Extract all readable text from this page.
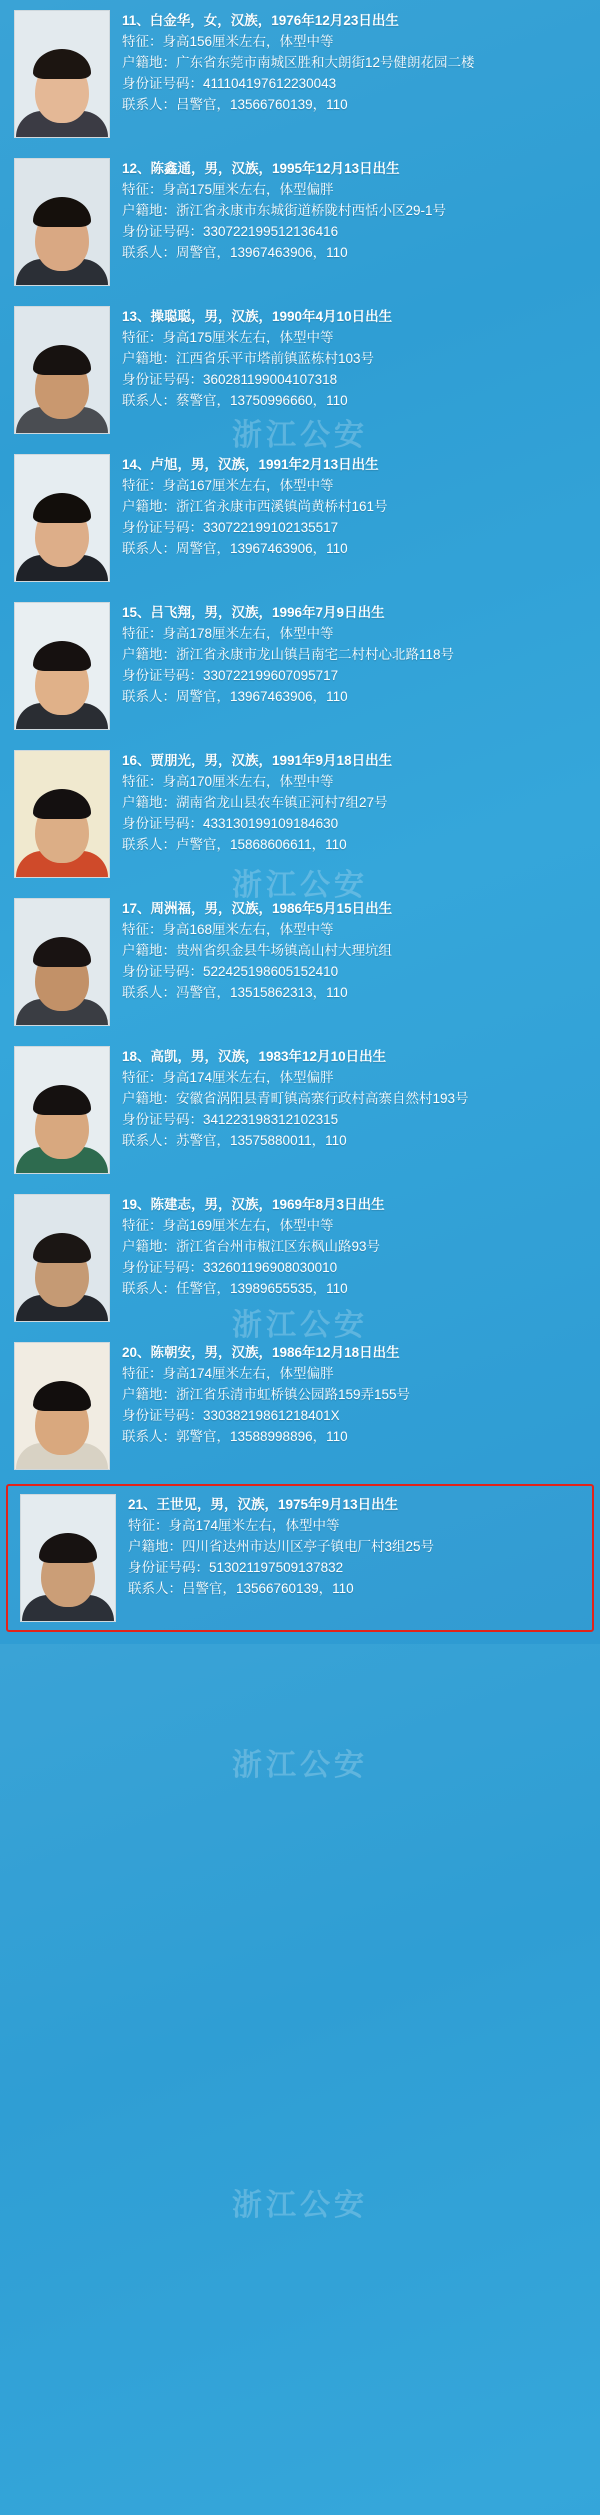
浙江公安
浙江公安
浙江公安
浙江公安
浙江公安
11、白金华，女，汉族，1976年12月23日出生
特征：身高156厘米左右，体型中等
户籍地：广东省东莞市南城区胜和大朗街12号健朗花园二楼
身份证号码：411104197612230043
联系人：吕警官，13566760139，110
12、陈鑫通，男，汉族，1995年12月13日出生
特征：身高175厘米左右，体型偏胖
户籍地：浙江省永康市东城街道桥陇村西恬小区29-1号
身份证号码：330722199512136416
联系人：周警官，13967463906，110
13、操聪聪，男，汉族，1990年4月10日出生
特征：身高175厘米左右，体型中等
户籍地：江西省乐平市塔前镇蓝栋村103号
身份证号码：360281199004107318
联系人：蔡警官，13750996660，110
14、卢旭，男，汉族，1991年2月13日出生
特征：身高167厘米左右，体型中等
户籍地：浙江省永康市西溪镇尚黄桥村161号
身份证号码：330722199102135517
联系人：周警官，13967463906，110
15、吕飞翔，男，汉族，1996年7月9日出生
特征：身高178厘米左右，体型中等
户籍地：浙江省永康市龙山镇吕南宅二村村心北路118号
身份证号码：330722199607095717
联系人：周警官，13967463906，110
16、贾朋光，男，汉族，1991年9月18日出生
特征：身高170厘米左右，体型中等
户籍地：湖南省龙山县农车镇正河村7组27号
身份证号码：433130199109184630
联系人：卢警官，15868606611，110
17、周洲福，男，汉族，1986年5月15日出生
特征：身高168厘米左右，体型中等
户籍地：贵州省织金县牛场镇高山村大理坑组
身份证号码：522425198605152410
联系人：冯警官，13515862313，110
18、高凯，男，汉族，1983年12月10日出生
特征：身高174厘米左右，体型偏胖
户籍地：安徽省涡阳县青町镇高寨行政村高寨自然村193号
身份证号码：341223198312102315
联系人：苏警官，13575880011，110
19、陈建志，男，汉族，1969年8月3日出生
特征：身高169厘米左右，体型中等
户籍地：浙江省台州市椒江区东枫山路93号
身份证号码：332601196908030010
联系人：任警官，13989655535，110
20、陈朝安，男，汉族，1986年12月18日出生
特征：身高174厘米左右，体型偏胖
户籍地：浙江省乐清市虹桥镇公园路159弄155号
身份证号码：33038219861218401X
联系人：郭警官，13588998896，110
21、王世见，男，汉族，1975年9月13日出生
特征：身高174厘米左右，体型中等
户籍地：四川省达州市达川区亭子镇电厂村3组25号
身份证号码：513021197509137832
联系人：吕警官，13566760139，110
